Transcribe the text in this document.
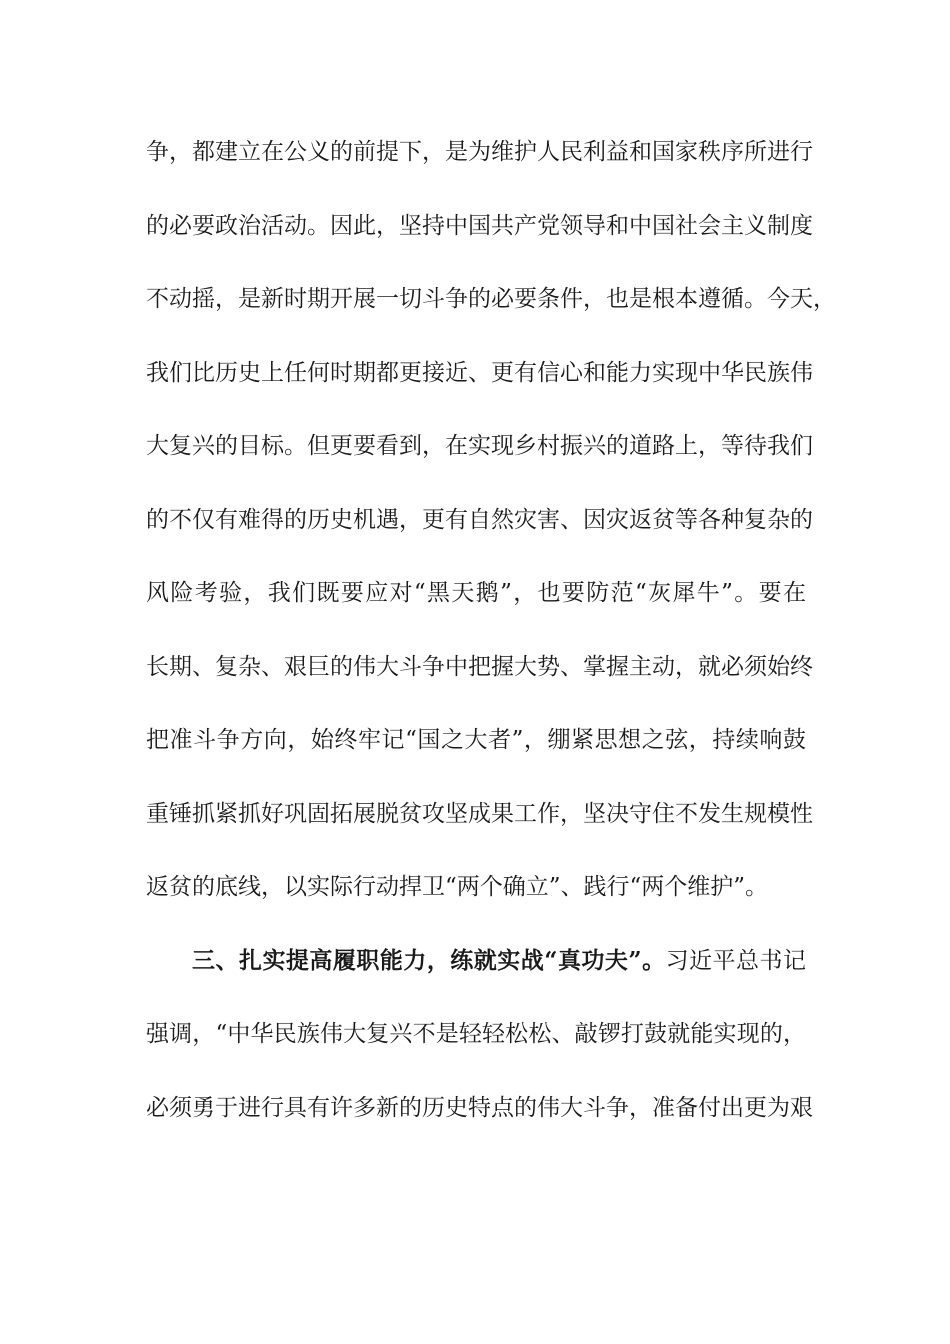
争，都建立在公义的前提下，是为维护人民利益和国家秩序所进行
的必要政治活动。因此，坚持中国共产党领导和中国社会主义制度
不动摇，是新时期开展一切斗争的必要条件，也是根本遵循。今天，
我们比历史上任何时期都更接近、更有信心和能力实现中华民族伟
大复兴的目标。但更要看到，在实现乡村振兴的道路上，等待我们
的不仅有难得的历史机遇，更有自然灾害、因灾返贫等各种复杂的
风险考验，我们既要应对“黑天鹅”，也要防范“灰犀牛”。要在
长期、复杂、艰巨的伟大斗争中把握大势、掌握主动，就必须始终
把准斗争方向，始终牢记“国之大者”，绷紧思想之弦，持续响鼓
重锤抓紧抓好巩固拓展脱贫攻坚成果工作，坚决守住不发生规模性
返贫的底线，以实际行动捍卫“两个确立”、践行“两个维护”。
三、扎实提高履职能力，练就实战“真功夫”。习近平总书记
强调，“中华民族伟大复兴不是轻轻松松、敲锣打鼓就能实现的，
必须勇于进行具有许多新的历史特点的伟大斗争，准备付出更为艰
